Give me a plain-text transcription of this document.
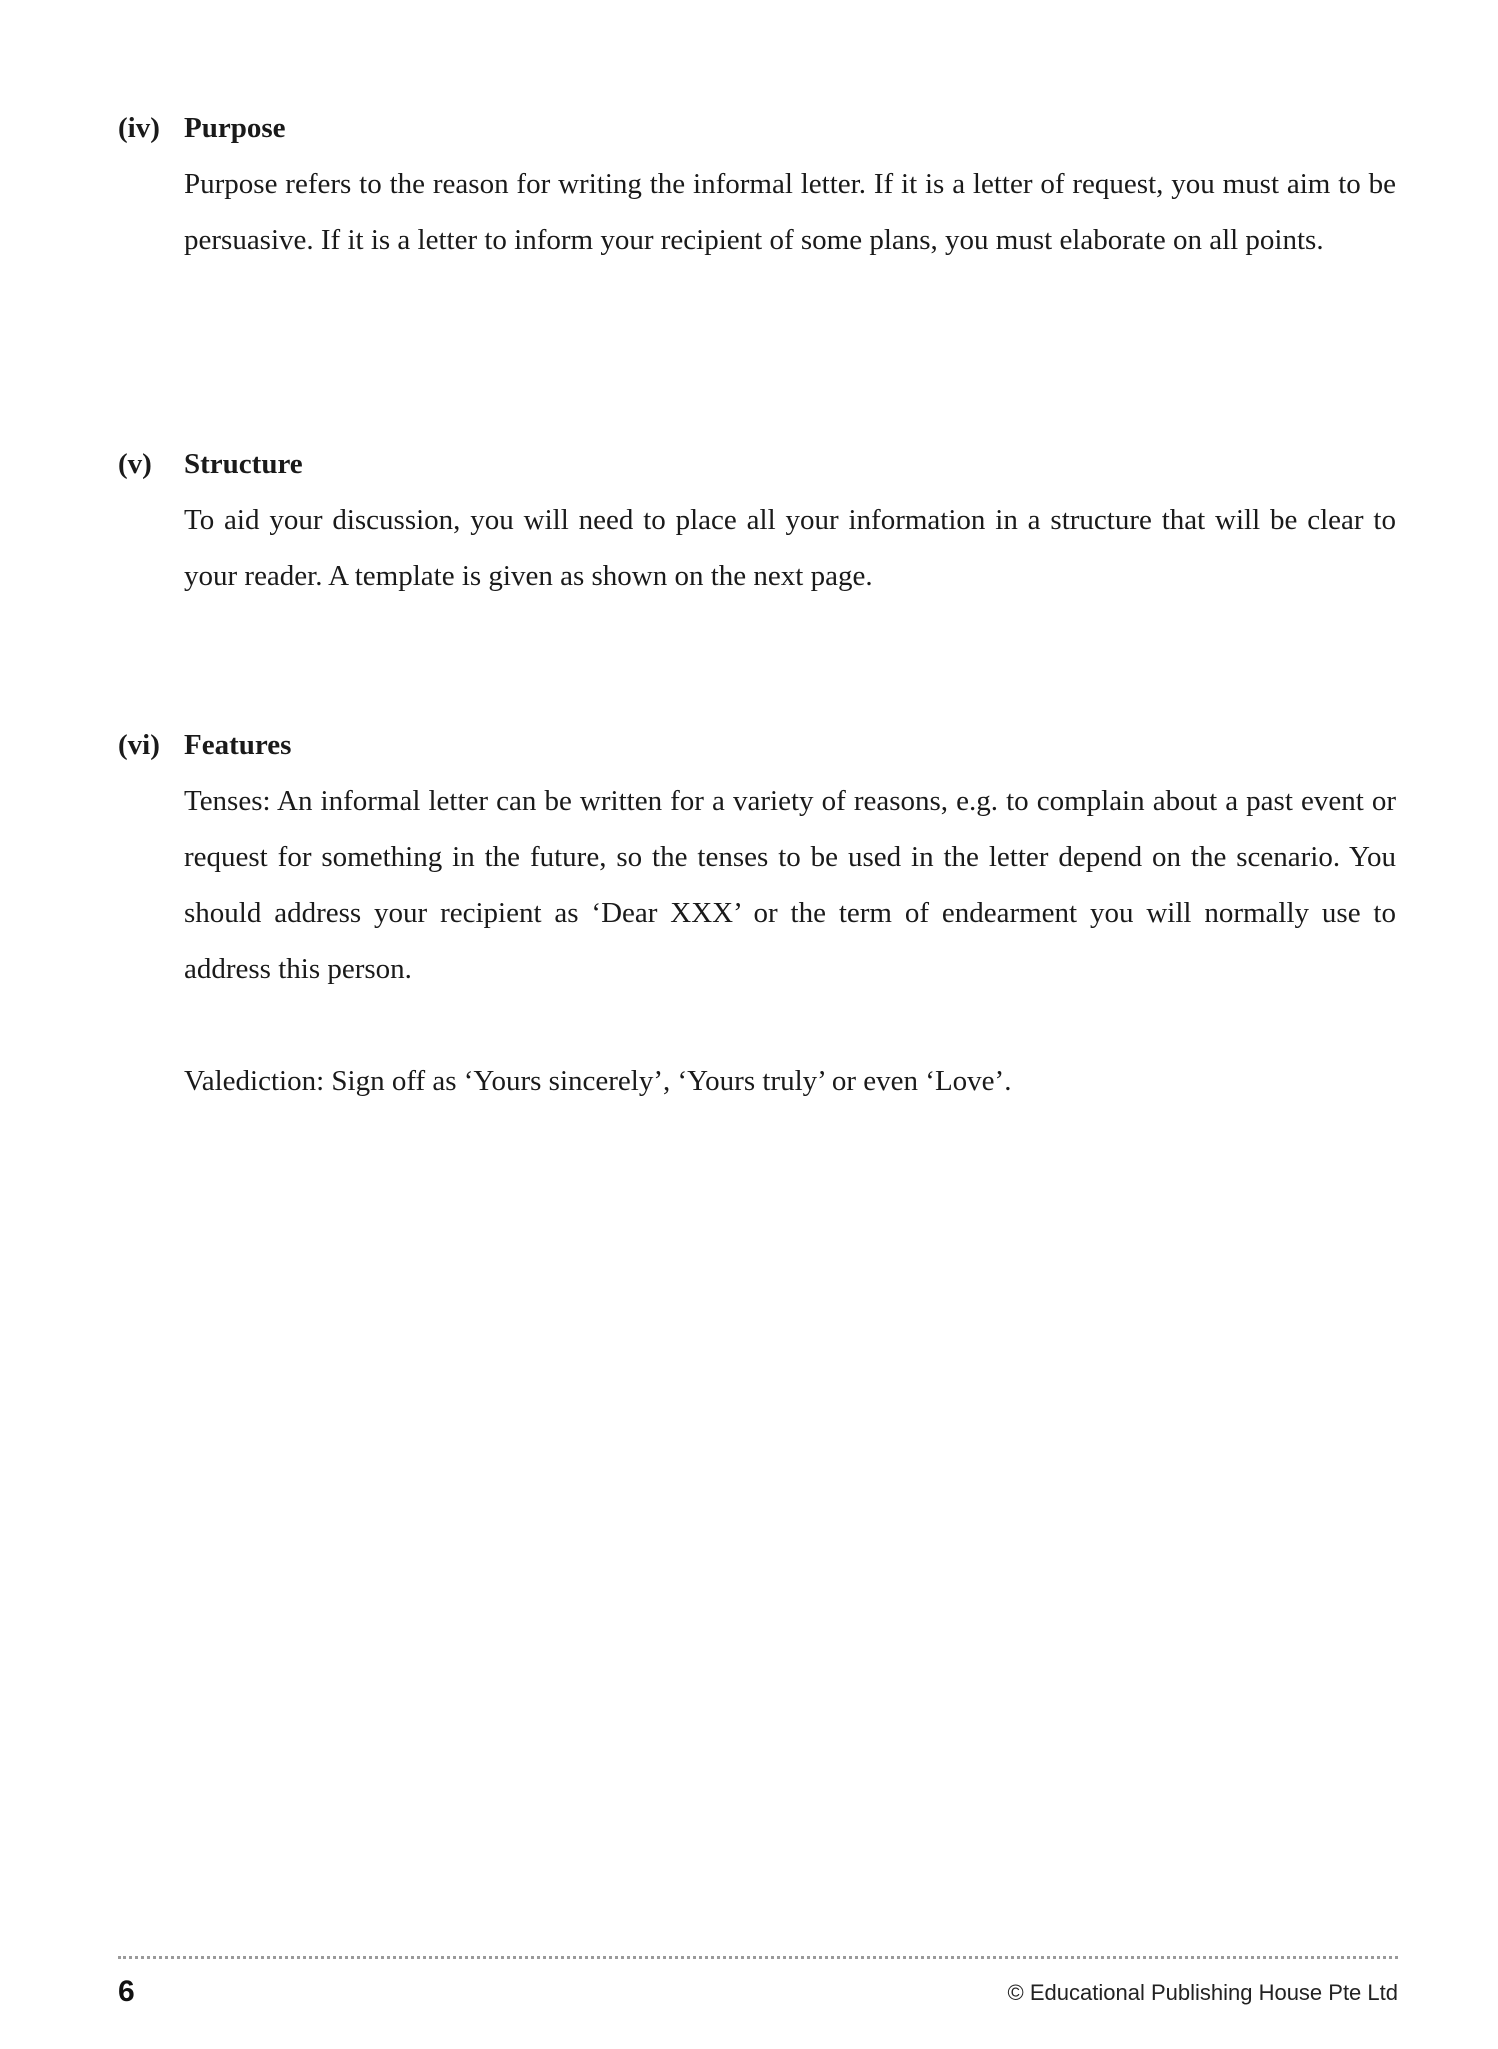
(iv) Purpose

Purpose refers to the reason for writing the informal letter. If it is a letter of request, you must aim to be persuasive. If it is a letter to inform your recipient of some plans, you must elaborate on all points.

(v)	Structure

To aid your discussion, you will need to place all your information in a structure that will be clear to your reader. A template is given as shown on the next page.

(vi) Features

Tenses: An informal letter can be written for a variety of reasons, e.g. to complain about a past event or request for something in the future, so the tenses to be used in the letter depend on the scenario. You should address your recipient as ‘Dear XXX’ or the term of endearment you will normally use to address this person.

Valediction: Sign off as ‘Yours sincerely’, ‘Yours truly’ or even ‘Love’.

6	© Educational Publishing House Pte Ltd
